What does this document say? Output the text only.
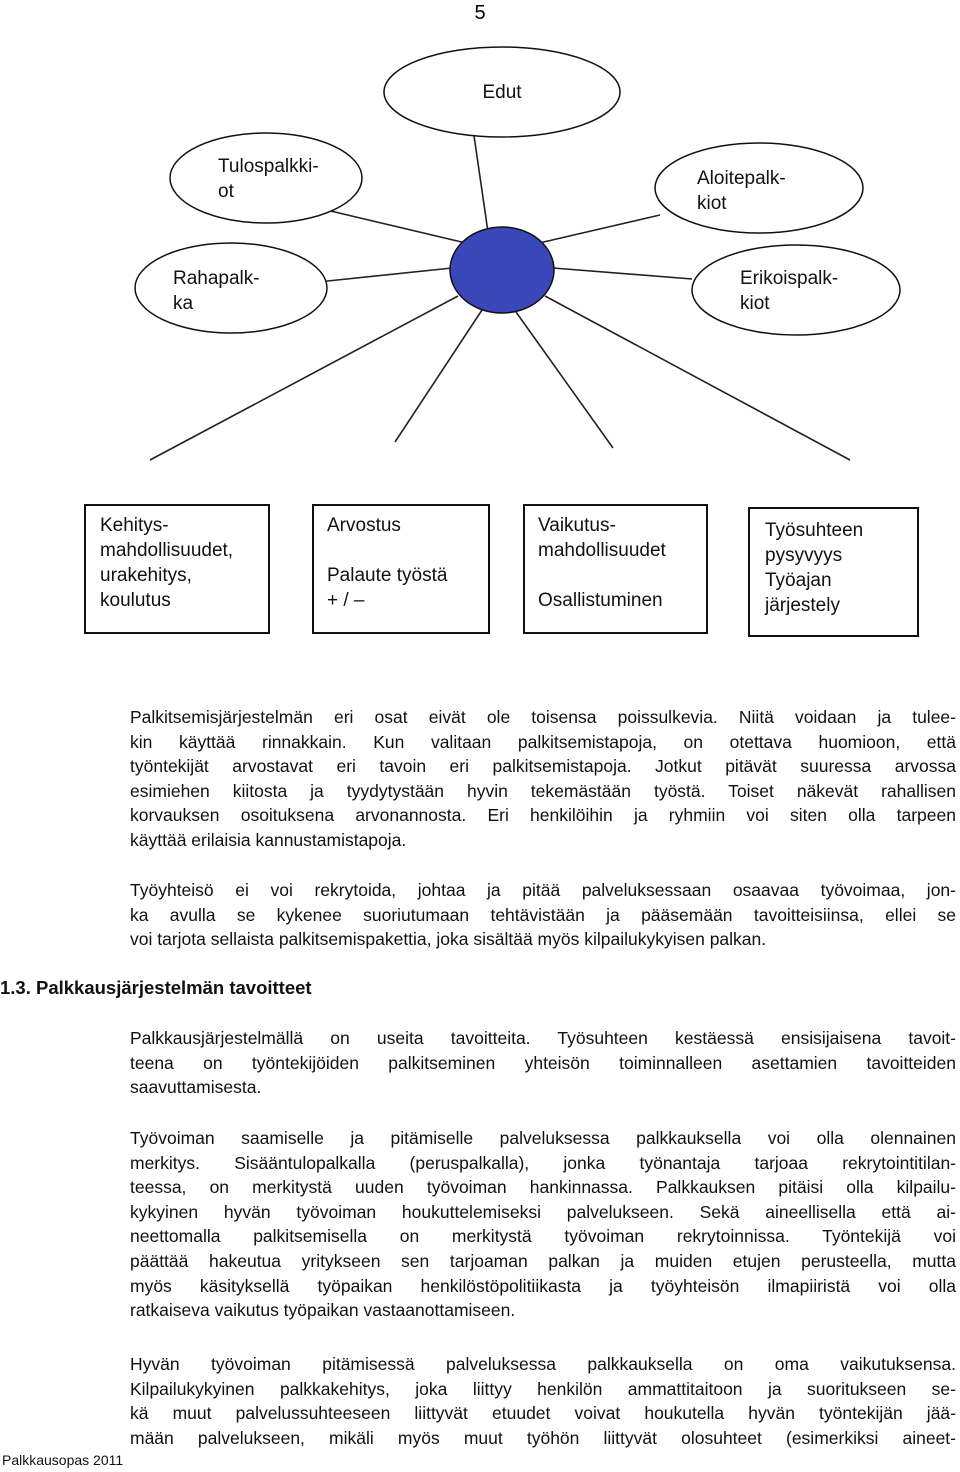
5
Edut
Tulospalkki-
ot
Aloitepalk-
kiot
Rahapalk-
ka
Erikoispalk-
kiot
Kehitys-
mahdollisuudet,
urakehitys,
koulutus
Arvostus
Palaute työstä
+ / –
Vaikutus-
mahdollisuudet
Osallistuminen
Työsuhteen
pysyvyys
Työajan
järjestely
Palkitsemisjärjestelmän eri osat eivät ole toisensa poissulkevia. Niitä voidaan ja tulee-
kin käyttää rinnakkain. Kun valitaan palkitsemistapoja, on otettava huomioon, että
työntekijät arvostavat eri tavoin eri palkitsemistapoja. Jotkut pitävät suuressa arvossa
esimiehen kiitosta ja tyydytystään hyvin tekemästään työstä. Toiset näkevät rahallisen
korvauksen osoituksena arvonannosta. Eri henkilöihin ja ryhmiin voi siten olla tarpeen
käyttää erilaisia kannustamistapoja.
Työyhteisö ei voi rekrytoida, johtaa ja pitää palveluksessaan osaavaa työvoimaa, jon-
ka avulla se kykenee suoriutumaan tehtävistään ja pääsemään tavoitteisiinsa, ellei se
voi tarjota sellaista palkitsemispakettia, joka sisältää myös kilpailukykyisen palkan.
1.3. Palkkausjärjestelmän tavoitteet
Palkkausjärjestelmällä on useita tavoitteita. Työsuhteen kestäessä ensisijaisena tavoit-
teena on työntekijöiden palkitseminen yhteisön toiminnalleen asettamien tavoitteiden
saavuttamisesta.
Työvoiman saamiselle ja pitämiselle palveluksessa palkkauksella voi olla olennainen
merkitys. Sisääntulopalkalla (peruspalkalla), jonka työnantaja tarjoaa rekrytointitilan-
teessa, on merkitystä uuden työvoiman hankinnassa. Palkkauksen pitäisi olla kilpailu-
kykyinen hyvän työvoiman houkuttelemiseksi palvelukseen. Sekä aineellisella että ai-
neettomalla palkitsemisella on merkitystä työvoiman rekrytoinnissa. Työntekijä voi
päättää hakeutua yritykseen sen tarjoaman palkan ja muiden etujen perusteella, mutta
myös käsityksellä työpaikan henkilöstöpolitiikasta ja työyhteisön ilmapiiristä voi olla
ratkaiseva vaikutus työpaikan vastaanottamiseen.
Hyvän työvoiman pitämisessä palveluksessa palkkauksella on oma vaikutuksensa.
Kilpailukykyinen palkkakehitys, joka liittyy henkilön ammattitaitoon ja suoritukseen se-
kä muut palvelussuhteeseen liittyvät etuudet voivat houkutella hyvän työntekijän jää-
mään palvelukseen, mikäli myös muut työhön liittyvät olosuhteet (esimerkiksi aineet-
Palkkausopas 2011
